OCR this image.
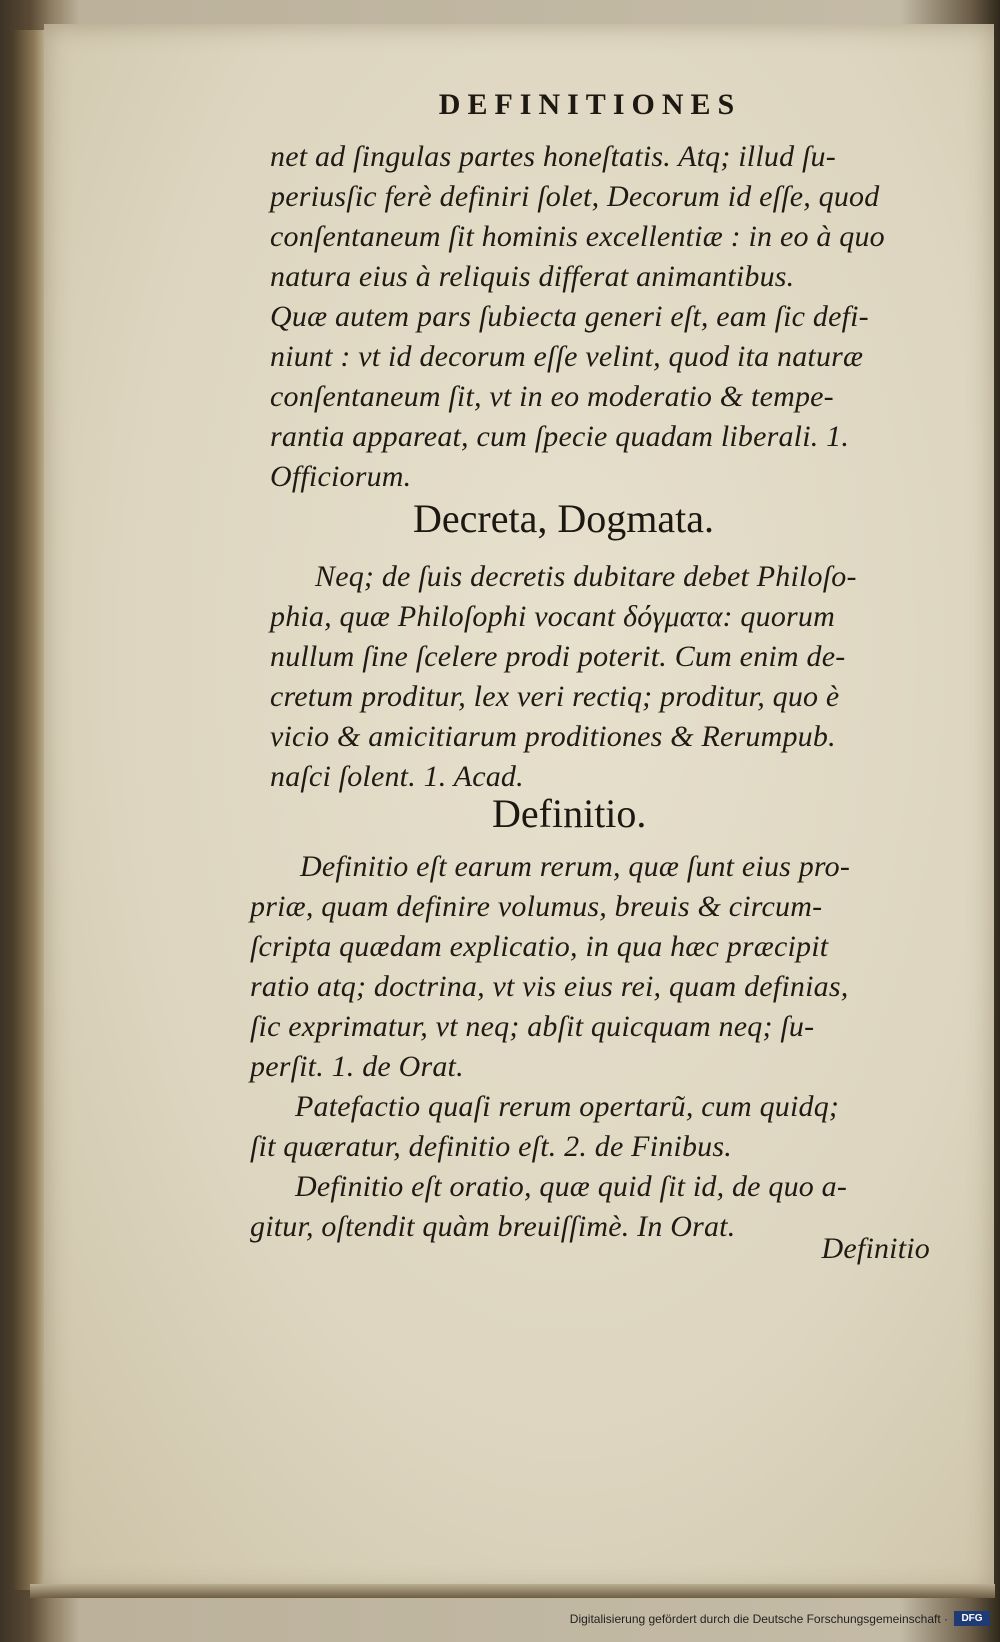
DEFINITIONES
net ad ſingulas partes honeſtatis. Atq; illud ſu-
periusſic ferè definiri ſolet, Decorum id eſſe, quod
conſentaneum ſit hominis excellentiæ : in eo à quo
natura eius à reliquis differat animantibus.
Quæ autem pars ſubiecta generi eſt, eam ſic defi-
niunt : vt id decorum eſſe velint, quod ita naturæ
conſentaneum ſit, vt in eo moderatio & tempe-
rantia appareat, cum ſpecie quadam liberali. 1.
Officiorum.
Decreta, Dogmata.
Neq; de ſuis decretis dubitare debet Philoſo-
phia, quæ Philoſophi vocant δόγματα: quorum
nullum ſine ſcelere prodi poterit. Cum enim de-
cretum proditur, lex veri rectiq; proditur, quo è
vicio & amicitiarum proditiones & Rerumpub.
naſci ſolent. 1. Acad.
Definitio.
Definitio eſt earum rerum, quæ ſunt eius pro-
priæ, quam definire volumus, breuis & circum-
ſcripta quædam explicatio, in qua hæc præcipit
ratio atq; doctrina, vt vis eius rei, quam definias,
ſic exprimatur, vt neq; abſit quicquam neq; ſu-
perſit. 1. de Orat.
Patefactio quaſi rerum opertarũ, cum quidq;
ſit quæratur, definitio eſt. 2. de Finibus.
Definitio eſt oratio, quæ quid ſit id, de quo a-
gitur, oſtendit quàm breuiſſimè. In Orat.
Definitio
Digitalisierung gefördert durch die Deutsche Forschungsgemeinschaft ·	DFG
